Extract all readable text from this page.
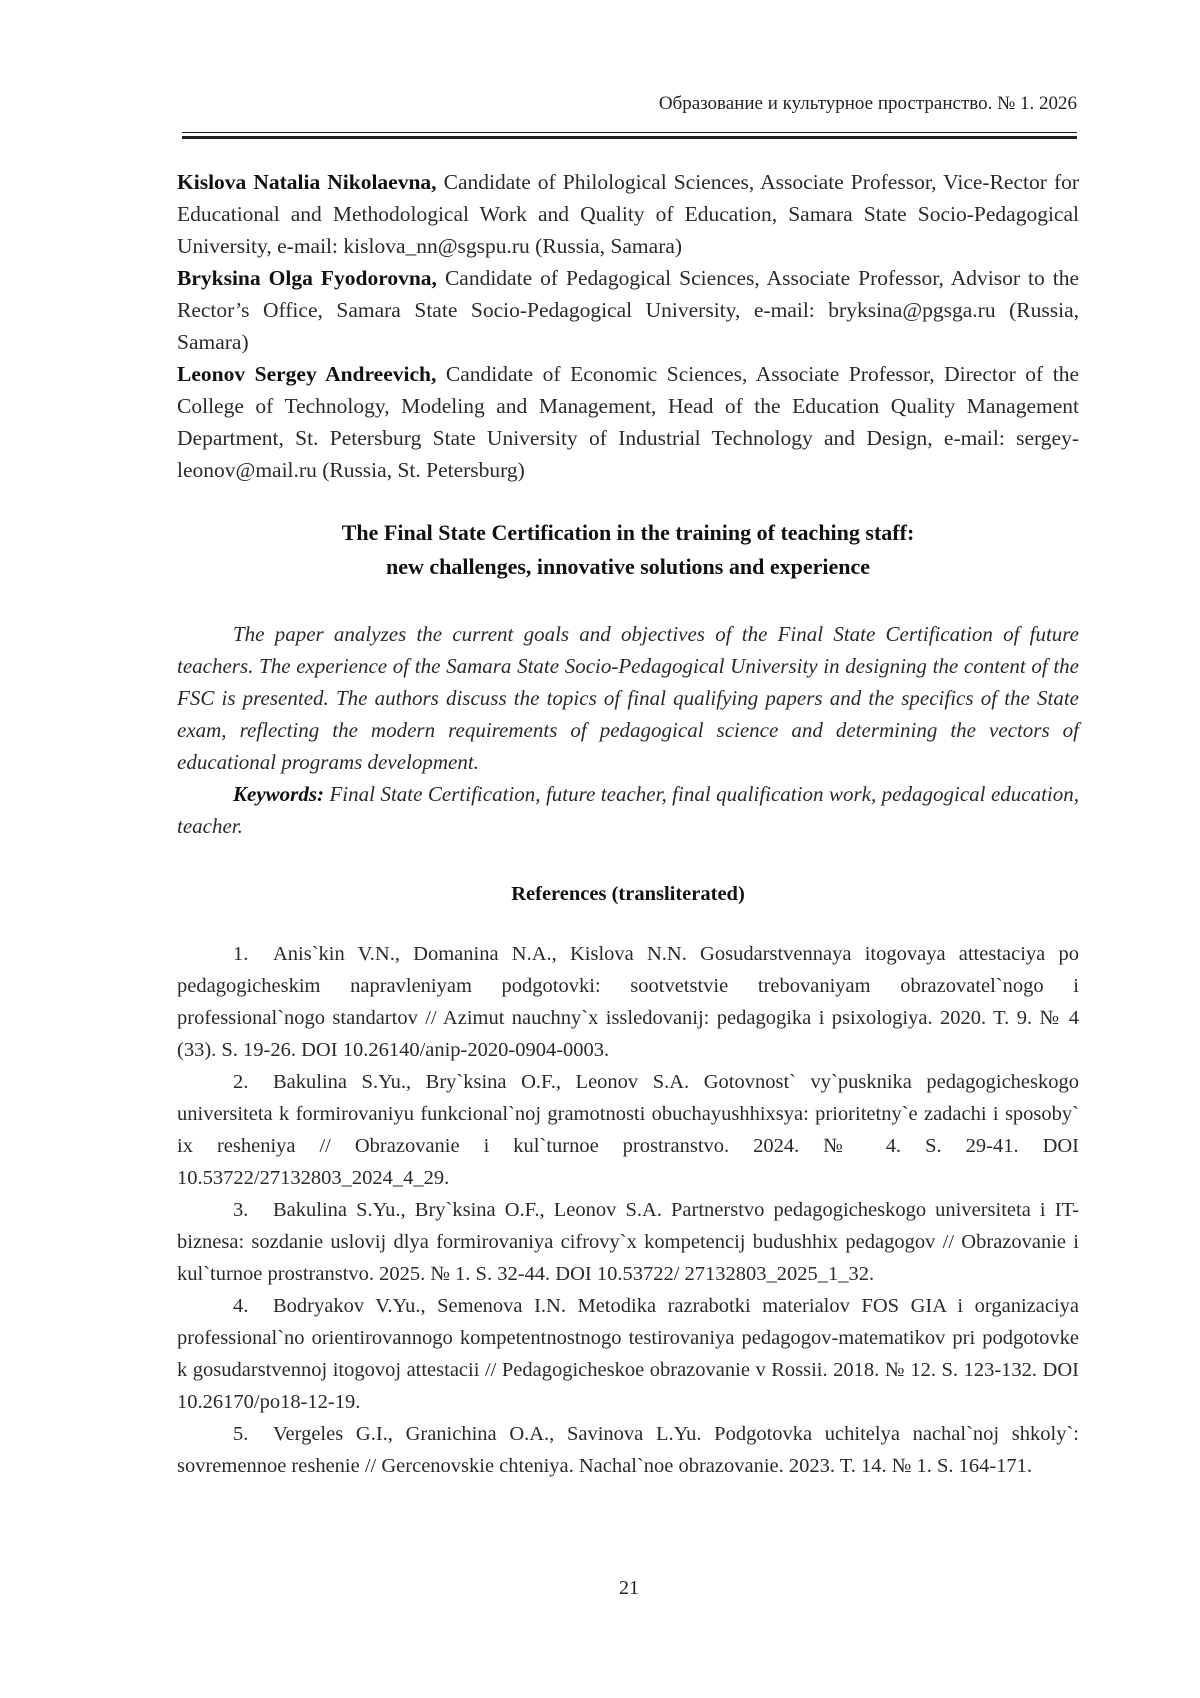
Образование и культурное пространство. № 1. 2026

Kislova Natalia Nikolaevna, Candidate of Philological Sciences, Associate Professor, Vice-Rector for Educational and Methodological Work and Quality of Education, Samara State Socio-Pedagogical University, e-mail: kislova_nn@sgspu.ru (Russia, Samara)

Bryksina Olga Fyodorovna, Candidate of Pedagogical Sciences, Associate Professor, Advisor to the Rector’s Office, Samara State Socio-Pedagogical University, e-mail: bryksina@pgsga.ru (Russia, Samara)

Leonov Sergey Andreevich, Candidate of Economic Sciences, Associate Professor, Director of the College of Technology, Modeling and Management, Head of the Education Quality Management Department, St. Petersburg State University of Industrial Technology and Design, e-mail: sergey-leonov@mail.ru (Russia, St. Petersburg)

The Final State Certification in the training of teaching staff:
new challenges, innovative solutions and experience

The paper analyzes the current goals and objectives of the Final State Certification of future teachers. The experience of the Samara State Socio-Pedagogical University in designing the content of the FSC is presented. The authors discuss the topics of final qualifying papers and the specifics of the State exam, reflecting the modern requirements of pedagogical science and determining the vectors of educational programs development.

Keywords: Final State Certification, future teacher, final qualification work, pedagogical education, teacher.

References (transliterated)
1. Anis`kin V.N., Domanina N.A., Kislova N.N. Gosudarstvennaya itogovaya attestaciya po pedagogicheskim napravleniyam podgotovki: sootvetstvie trebovaniyam obrazovatel`nogo i professional`nogo standartov // Azimut nauchny`x issledovanij: pedagogika i psixologiya. 2020. T. 9. № 4 (33). S. 19-26. DOI 10.26140/anip-2020-0904-0003.
2. Bakulina S.Yu., Bry`ksina O.F., Leonov S.A. Gotovnost` vy`pusknika pedagogicheskogo universiteta k formirovaniyu funkcional`noj gramotnosti obuchayushhixsya: prioritetny`e zadachi i sposoby` ix resheniya // Obrazovanie i kul`turnoe prostranstvo. 2024. № 4. S. 29-41. DOI 10.53722/27132803_2024_4_29.
3. Bakulina S.Yu., Bry`ksina O.F., Leonov S.A. Partnerstvo pedagogicheskogo universiteta i IT-biznesa: sozdanie uslovij dlya formirovaniya cifrovy`x kompetencij budushhix pedagogov // Obrazovanie i kul`turnoe prostranstvo. 2025. № 1. S. 32-44. DOI 10.53722/ 27132803_2025_1_32.
4. Bodryakov V.Yu., Semenova I.N. Metodika razrabotki materialov FOS GIA i organizaciya professional`no orientirovannogo kompetentnostnogo testirovaniya pedagogov-matematikov pri podgotovke k gosudarstvennoj itogovoj attestacii // Pedagogicheskoe obrazovanie v Rossii. 2018. № 12. S. 123-132. DOI 10.26170/po18-12-19.
5. Vergeles G.I., Granichina O.A., Savinova L.Yu. Podgotovka uchitelya nachal`noj shkoly`: sovremennoe reshenie // Gercenovskie chteniya. Nachal`noe obrazovanie. 2023. T. 14. № 1. S. 164-171.
21
